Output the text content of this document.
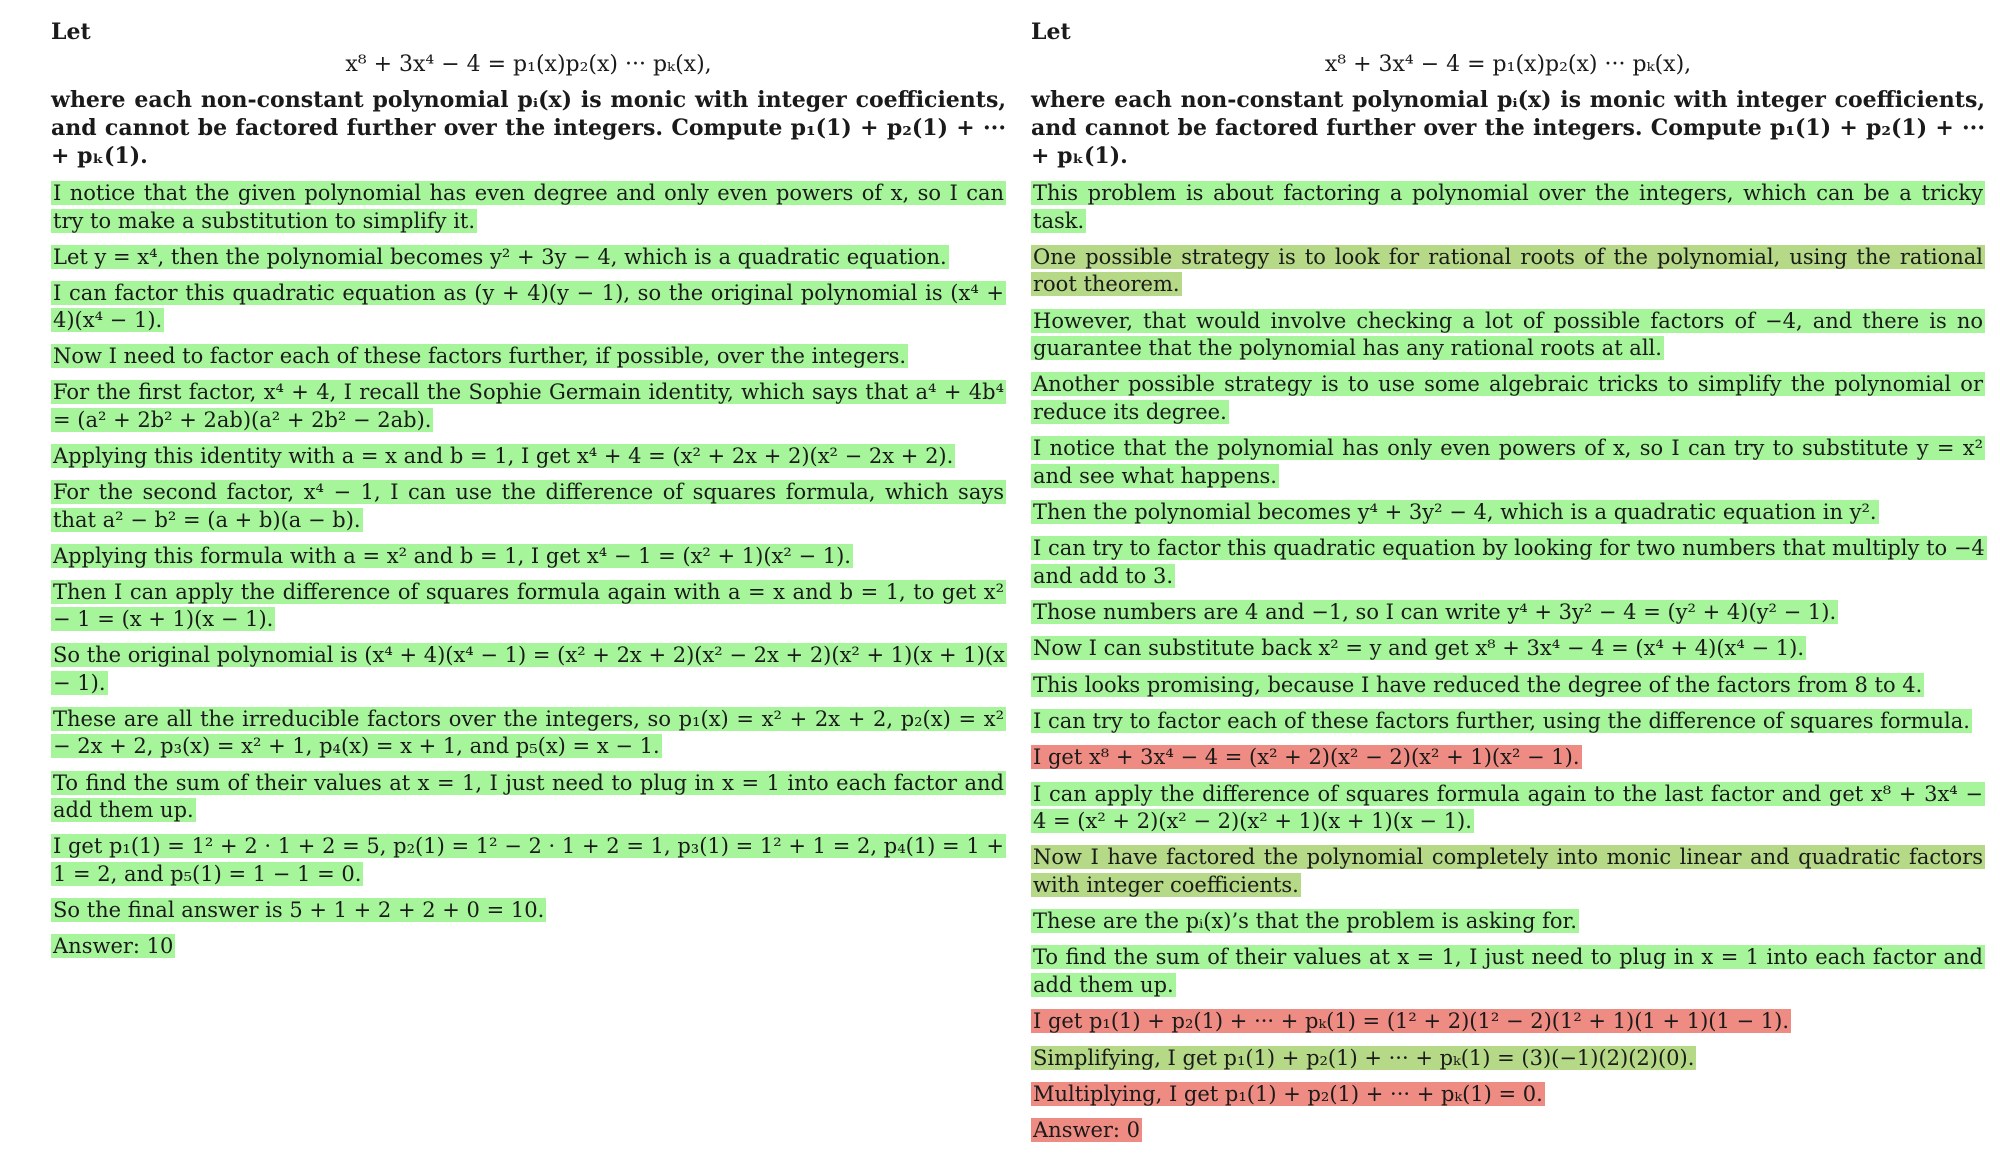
Let
x⁸ + 3x⁴ − 4 = p₁(x)p₂(x) ··· pₖ(x),
where each non-constant polynomial pᵢ(x) is monic with integer coefficients, and cannot be factored further over the integers. Compute p₁(1) + p₂(1) + ··· + pₖ(1).
I notice that the given polynomial has even degree and only even powers of x, so I can try to make a substitution to simplify it.
Let y = x⁴, then the polynomial becomes y² + 3y − 4, which is a quadratic equation.
I can factor this quadratic equation as (y + 4)(y − 1), so the original polynomial is (x⁴ + 4)(x⁴ − 1).
Now I need to factor each of these factors further, if possible, over the integers.
For the first factor, x⁴ + 4, I recall the Sophie Germain identity, which says that a⁴ + 4b⁴ = (a² + 2b² + 2ab)(a² + 2b² − 2ab).
Applying this identity with a = x and b = 1, I get x⁴ + 4 = (x² + 2x + 2)(x² − 2x + 2).
For the second factor, x⁴ − 1, I can use the difference of squares formula, which says that a² − b² = (a + b)(a − b).
Applying this formula with a = x² and b = 1, I get x⁴ − 1 = (x² + 1)(x² − 1).
Then I can apply the difference of squares formula again with a = x and b = 1, to get x² − 1 = (x + 1)(x − 1).
So the original polynomial is (x⁴ + 4)(x⁴ − 1) = (x² + 2x + 2)(x² − 2x + 2)(x² + 1)(x + 1)(x − 1).
These are all the irreducible factors over the integers, so p₁(x) = x² + 2x + 2, p₂(x) = x² − 2x + 2, p₃(x) = x² + 1, p₄(x) = x + 1, and p₅(x) = x − 1.
To find the sum of their values at x = 1, I just need to plug in x = 1 into each factor and add them up.
I get p₁(1) = 1² + 2 · 1 + 2 = 5, p₂(1) = 1² − 2 · 1 + 2 = 1, p₃(1) = 1² + 1 = 2, p₄(1) = 1 + 1 = 2, and p₅(1) = 1 − 1 = 0.
So the final answer is 5 + 1 + 2 + 2 + 0 = 10.
Answer: 10
Let
x⁸ + 3x⁴ − 4 = p₁(x)p₂(x) ··· pₖ(x),
where each non-constant polynomial pᵢ(x) is monic with integer coefficients, and cannot be factored further over the integers. Compute p₁(1) + p₂(1) + ··· + pₖ(1).
This problem is about factoring a polynomial over the integers, which can be a tricky task.
One possible strategy is to look for rational roots of the polynomial, using the rational root theorem.
However, that would involve checking a lot of possible factors of −4, and there is no guarantee that the polynomial has any rational roots at all.
Another possible strategy is to use some algebraic tricks to simplify the polynomial or reduce its degree.
I notice that the polynomial has only even powers of x, so I can try to substitute y = x² and see what happens.
Then the polynomial becomes y⁴ + 3y² − 4, which is a quadratic equation in y².
I can try to factor this quadratic equation by looking for two numbers that multiply to −4 and add to 3.
Those numbers are 4 and −1, so I can write y⁴ + 3y² − 4 = (y² + 4)(y² − 1).
Now I can substitute back x² = y and get x⁸ + 3x⁴ − 4 = (x⁴ + 4)(x⁴ − 1).
This looks promising, because I have reduced the degree of the factors from 8 to 4.
I can try to factor each of these factors further, using the difference of squares formula.
I get x⁸ + 3x⁴ − 4 = (x² + 2)(x² − 2)(x² + 1)(x² − 1).
I can apply the difference of squares formula again to the last factor and get x⁸ + 3x⁴ − 4 = (x² + 2)(x² − 2)(x² + 1)(x + 1)(x − 1).
Now I have factored the polynomial completely into monic linear and quadratic factors with integer coefficients.
These are the pᵢ(x)’s that the problem is asking for.
To find the sum of their values at x = 1, I just need to plug in x = 1 into each factor and add them up.
I get p₁(1) + p₂(1) + ··· + pₖ(1) = (1² + 2)(1² − 2)(1² + 1)(1 + 1)(1 − 1).
Simplifying, I get p₁(1) + p₂(1) + ··· + pₖ(1) = (3)(−1)(2)(2)(0).
Multiplying, I get p₁(1) + p₂(1) + ··· + pₖ(1) = 0.
Answer: 0
